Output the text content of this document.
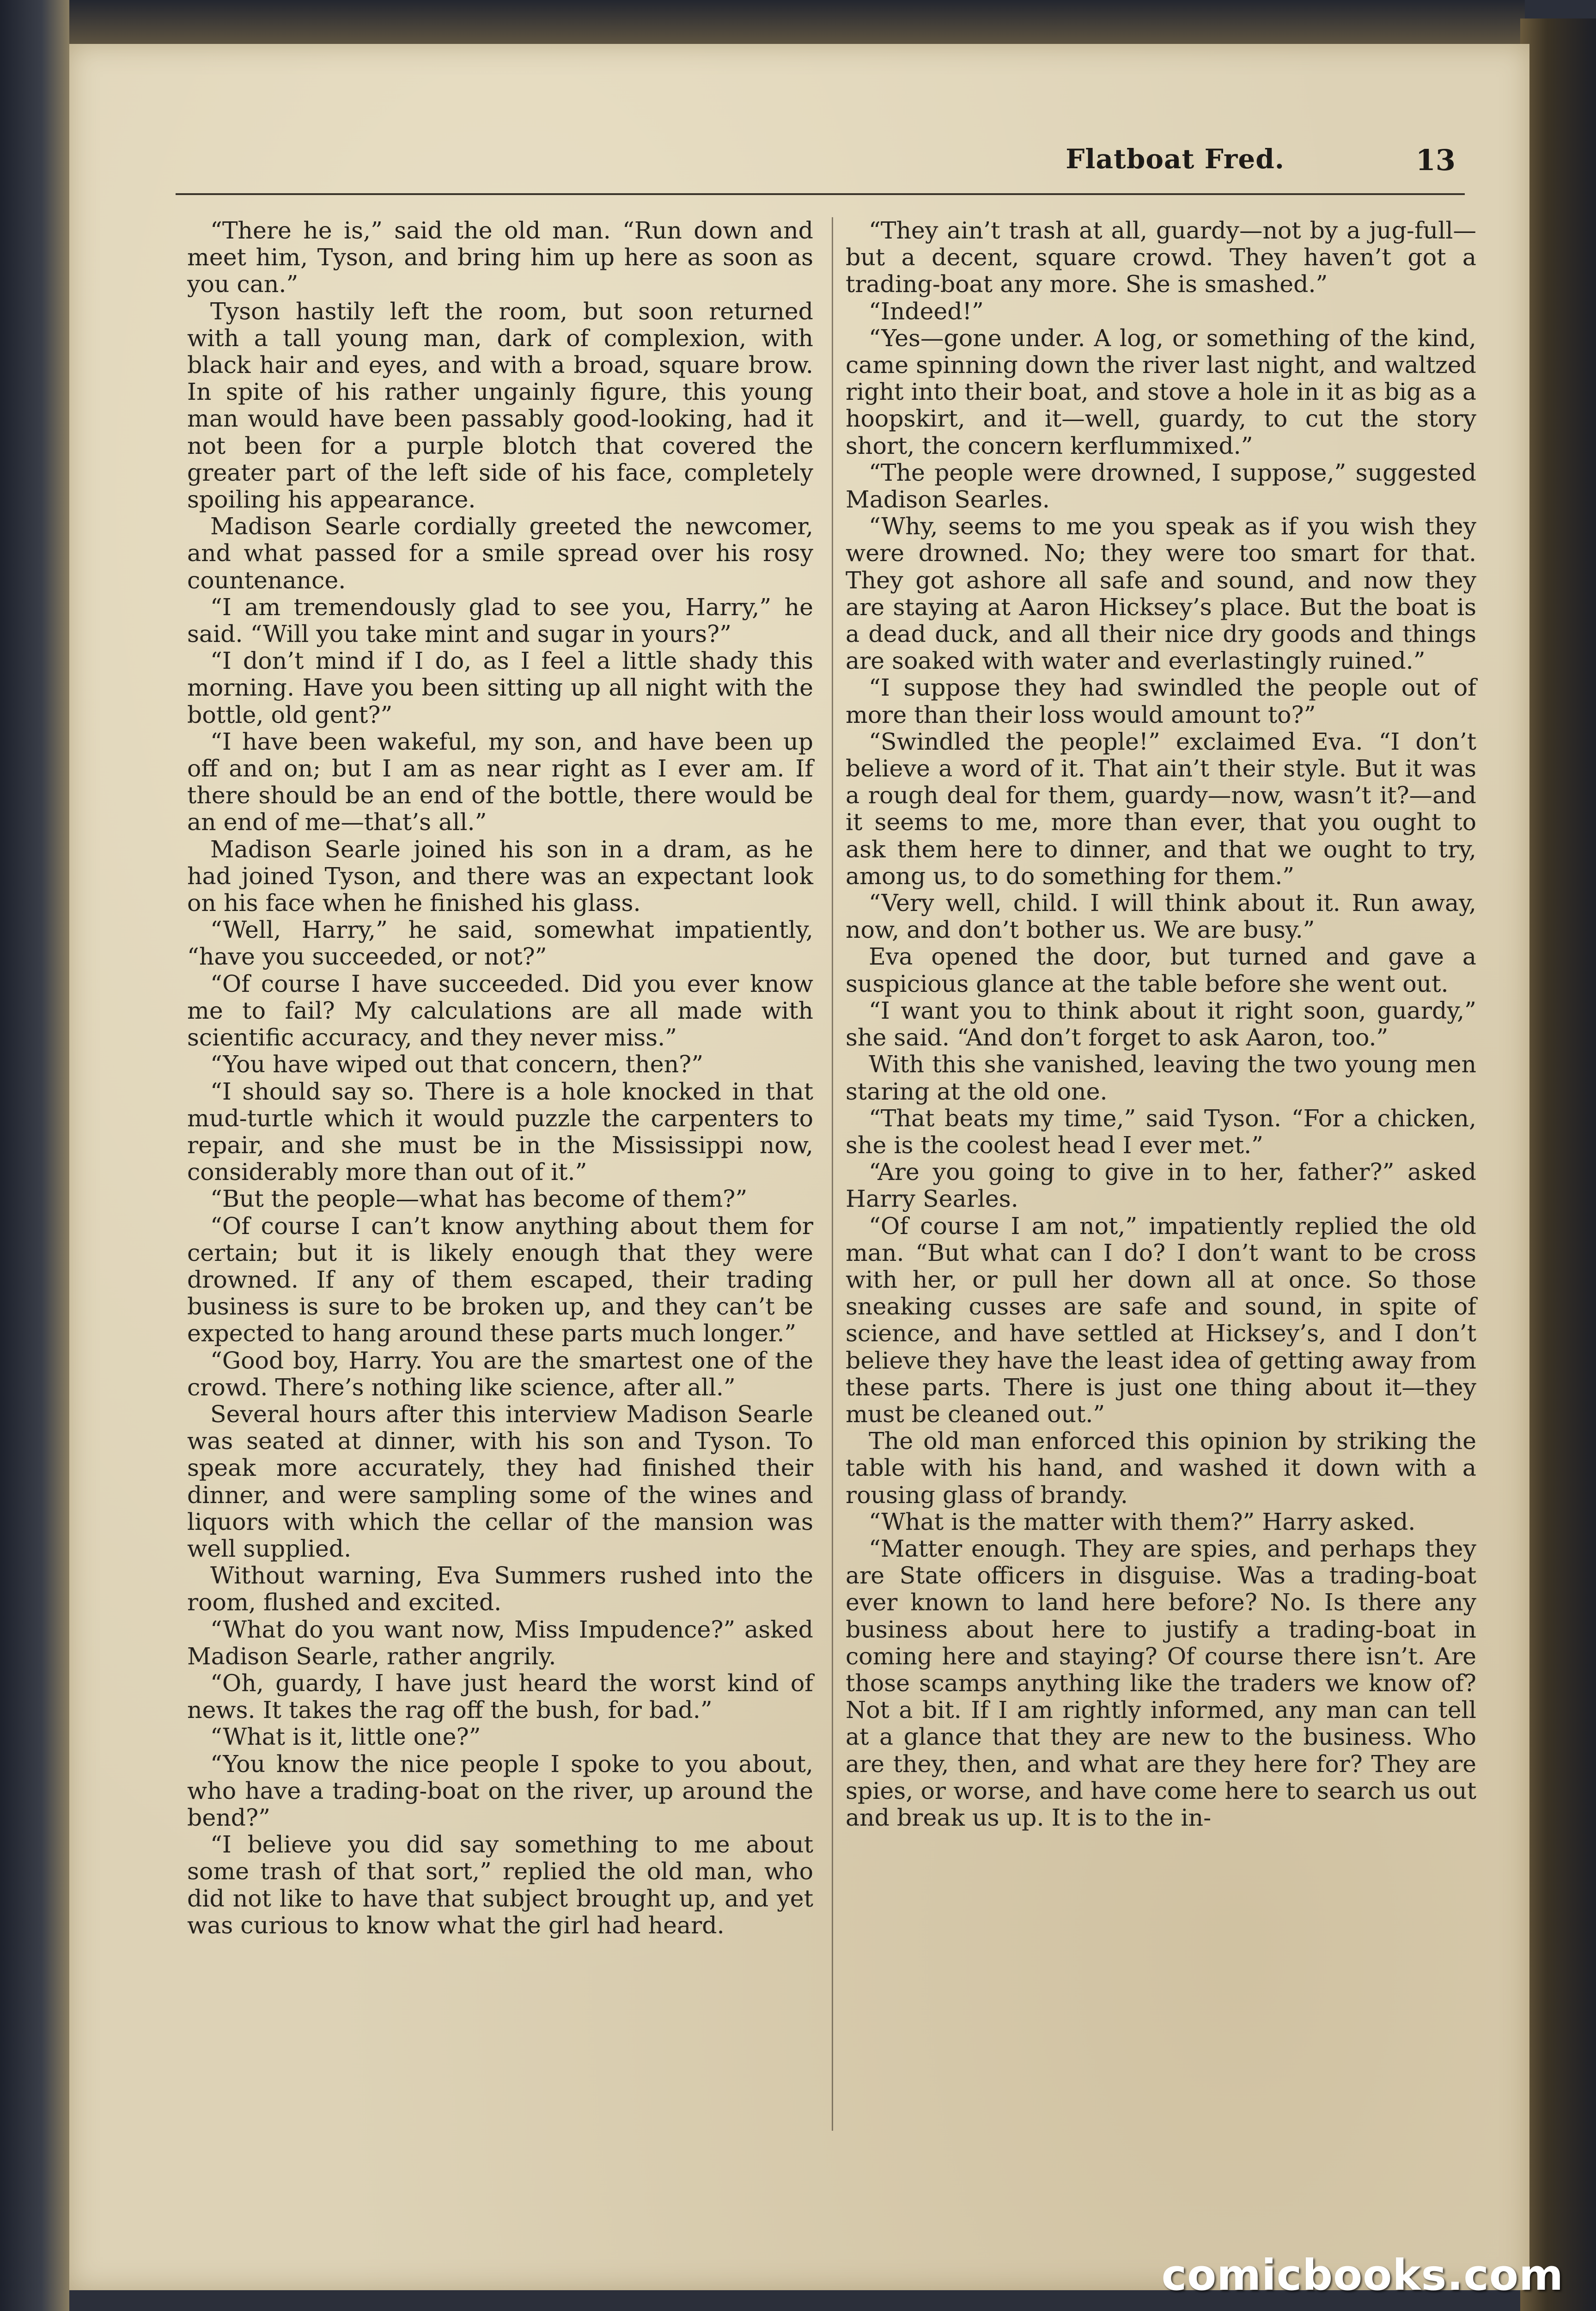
Flatboat Fred.	13

“There he is,” said the old man. “Run down and meet him, Tyson, and bring him up here as soon as you can.”

Tyson hastily left the room, but soon returned with a tall young man, dark of complexion, with black hair and eyes, and with a broad, square brow. In spite of his rather ungainly figure, this young man would have been passably good-looking, had it not been for a purple blotch that covered the greater part of the left side of his face, completely spoiling his appearance.

Madison Searle cordially greeted the newcomer, and what passed for a smile spread over his rosy countenance.

“I am tremendously glad to see you, Harry,” he said. “Will you take mint and sugar in yours?”

“I don’t mind if I do, as I feel a little shady this morning. Have you been sitting up all night with the bottle, old gent?”

“I have been wakeful, my son, and have been up off and on; but I am as near right as I ever am. If there should be an end of the bottle, there would be an end of me—that’s all.”

Madison Searle joined his son in a dram, as he had joined Tyson, and there was an expectant look on his face when he finished his glass.

“Well, Harry,” he said, somewhat impatiently, “have you succeeded, or not?”

“Of course I have succeeded. Did you ever know me to fail? My calculations are all made with scientific accuracy, and they never miss.”

“You have wiped out that concern, then?”

“I should say so. There is a hole knocked in that mud-turtle which it would puzzle the carpenters to repair, and she must be in the Mississippi now, considerably more than out of it.”

“But the people—what has become of them?”

“Of course I can’t know anything about them for certain; but it is likely enough that they were drowned. If any of them escaped, their trading business is sure to be broken up, and they can’t be expected to hang around these parts much longer.”

“Good boy, Harry. You are the smartest one of the crowd. There’s nothing like science, after all.”

Several hours after this interview Madison Searle was seated at dinner, with his son and Tyson. To speak more accurately, they had finished their dinner, and were sampling some of the wines and liquors with which the cellar of the mansion was well supplied.

Without warning, Eva Summers rushed into the room, flushed and excited.

“What do you want now, Miss Impudence?” asked Madison Searle, rather angrily.

“Oh, guardy, I have just heard the worst kind of news. It takes the rag off the bush, for bad.”

“What is it, little one?”

“You know the nice people I spoke to you about, who have a trading-boat on the river, up around the bend?”

“I believe you did say something to me about some trash of that sort,” replied the old man, who did not like to have that subject brought up, and yet was curious to know what the girl had heard.

“They ain’t trash at all, guardy—not by a jug-full—but a decent, square crowd. They haven’t got a trading-boat any more. She is smashed.”

“Indeed!”

“Yes—gone under. A log, or something of the kind, came spinning down the river last night, and waltzed right into their boat, and stove a hole in it as big as a hoopskirt, and it—well, guardy, to cut the story short, the concern kerflummixed.”

“The people were drowned, I suppose,” suggested Madison Searles.

“Why, seems to me you speak as if you wish they were drowned. No; they were too smart for that. They got ashore all safe and sound, and now they are staying at Aaron Hicksey’s place. But the boat is a dead duck, and all their nice dry goods and things are soaked with water and everlastingly ruined.”

“I suppose they had swindled the people out of more than their loss would amount to?”

“Swindled the people!” exclaimed Eva. “I don’t believe a word of it. That ain’t their style. But it was a rough deal for them, guardy—now, wasn’t it?—and it seems to me, more than ever, that you ought to ask them here to dinner, and that we ought to try, among us, to do something for them.”

“Very well, child. I will think about it. Run away, now, and don’t bother us. We are busy.”

Eva opened the door, but turned and gave a suspicious glance at the table before she went out.

“I want you to think about it right soon, guardy,” she said. “And don’t forget to ask Aaron, too.”

With this she vanished, leaving the two young men staring at the old one.

“That beats my time,” said Tyson. “For a chicken, she is the coolest head I ever met.”

“Are you going to give in to her, father?” asked Harry Searles.

“Of course I am not,” impatiently replied the old man. “But what can I do? I don’t want to be cross with her, or pull her down all at once. So those sneaking cusses are safe and sound, in spite of science, and have settled at Hicksey’s, and I don’t believe they have the least idea of getting away from these parts. There is just one thing about it—they must be cleaned out.”

The old man enforced this opinion by striking the table with his hand, and washed it down with a rousing glass of brandy.

“What is the matter with them?” Harry asked.

“Matter enough. They are spies, and perhaps they are State officers in disguise. Was a trading-boat ever known to land here before? No. Is there any business about here to justify a trading-boat in coming here and staying? Of course there isn’t. Are those scamps anything like the traders we know of? Not a bit. If I am rightly informed, any man can tell at a glance that they are new to the business. Who are they, then, and what are they here for? They are spies, or worse, and have come here to search us out and break us up. It is to the in-

comicbooks.com
